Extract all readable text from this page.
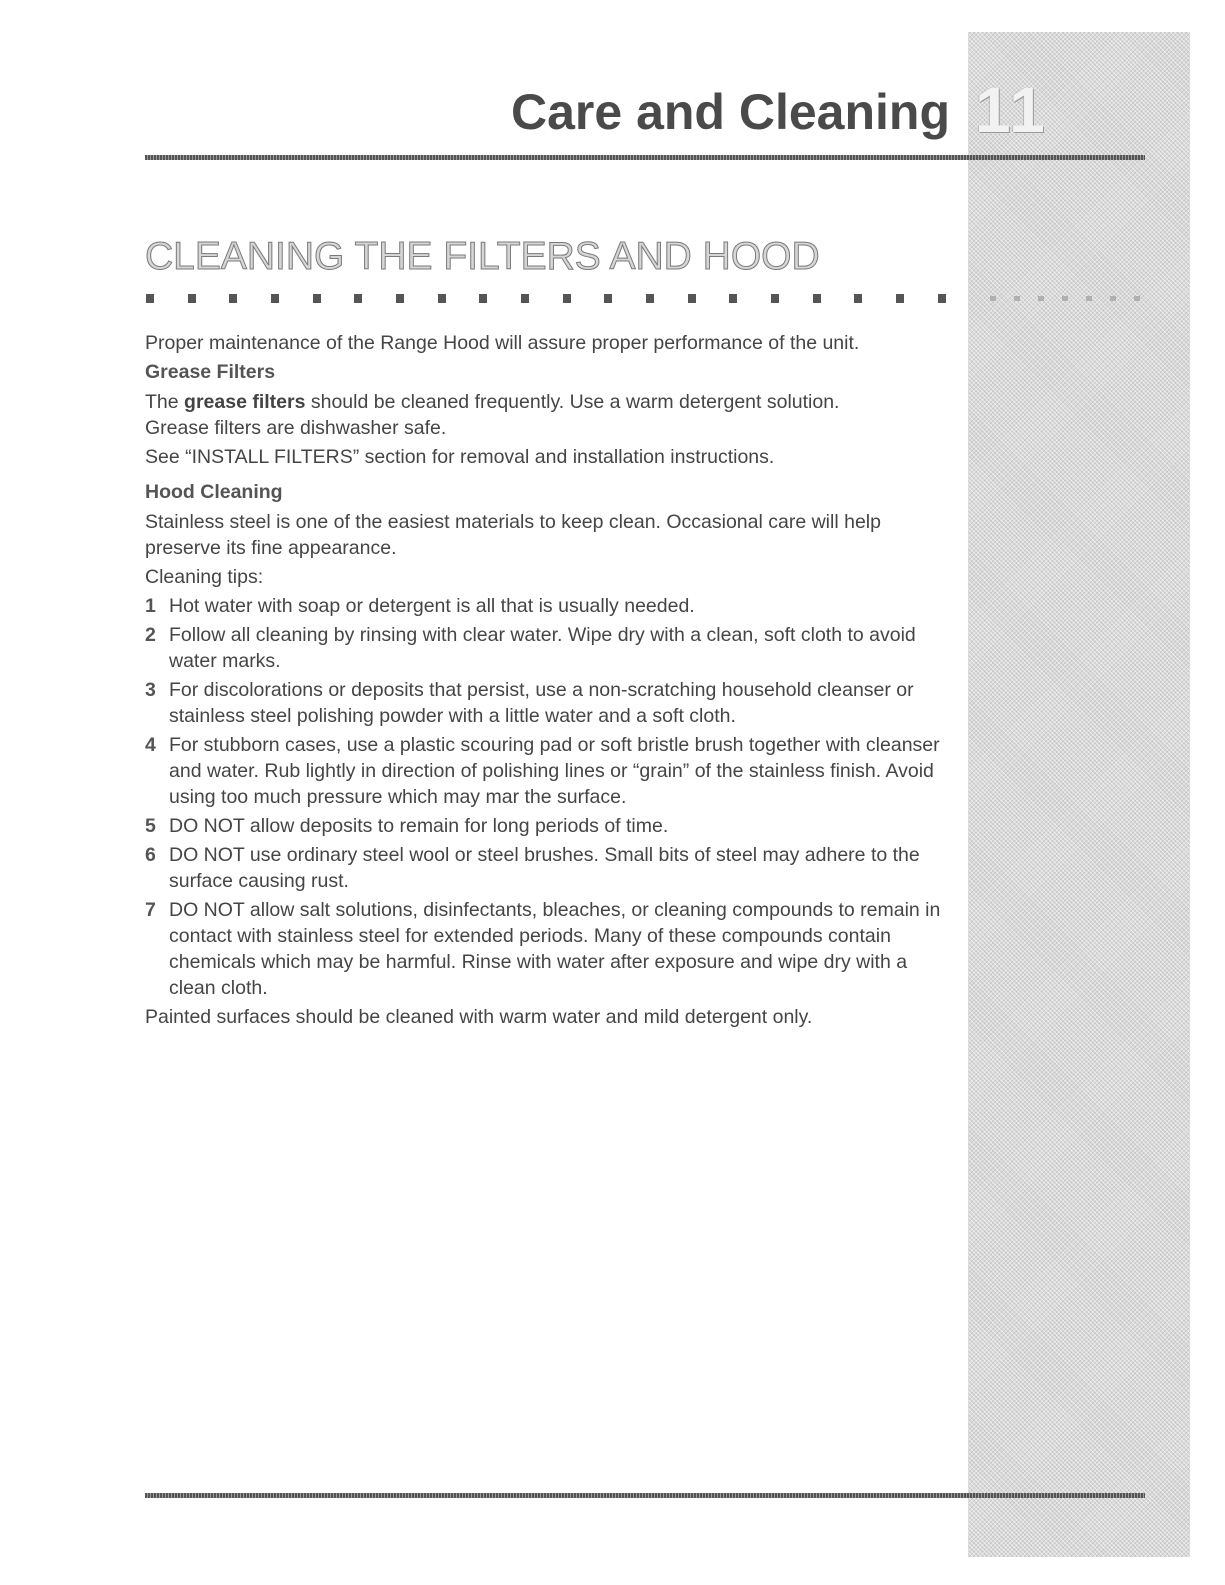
11
Care and Cleaning
CLEANING THE FILTERS AND HOOD

Proper maintenance of the Range Hood will assure proper performance of the unit.

Grease Filters

The grease filters should be cleaned frequently. Use a warm detergent solution.
Grease filters are dishwasher safe.

See “INSTALL FILTERS” section for removal and installation instructions.

Hood Cleaning

Stainless steel is one of the easiest materials to keep clean. Occasional care will help preserve its fine appearance.

Cleaning tips:

1 Hot water with soap or detergent is all that is usually needed.
2 Follow all cleaning by rinsing with clear water. Wipe dry with a clean, soft cloth to avoid water marks.
3 For discolorations or deposits that persist, use a non-scratching household cleanser or stainless steel polishing powder with a little water and a soft cloth.
4 For stubborn cases, use a plastic scouring pad or soft bristle brush together with cleanser and water. Rub lightly in direction of polishing lines or “grain” of the stainless finish. Avoid using too much pressure which may mar the surface.
5 DO NOT allow deposits to remain for long periods of time.
6 DO NOT use ordinary steel wool or steel brushes. Small bits of steel may adhere to the surface causing rust.
7 DO NOT allow salt solutions, disinfectants, bleaches, or cleaning compounds to remain in contact with stainless steel for extended periods. Many of these compounds contain chemicals which may be harmful. Rinse with water after exposure and wipe dry with a clean cloth.

Painted surfaces should be cleaned with warm water and mild detergent only.
